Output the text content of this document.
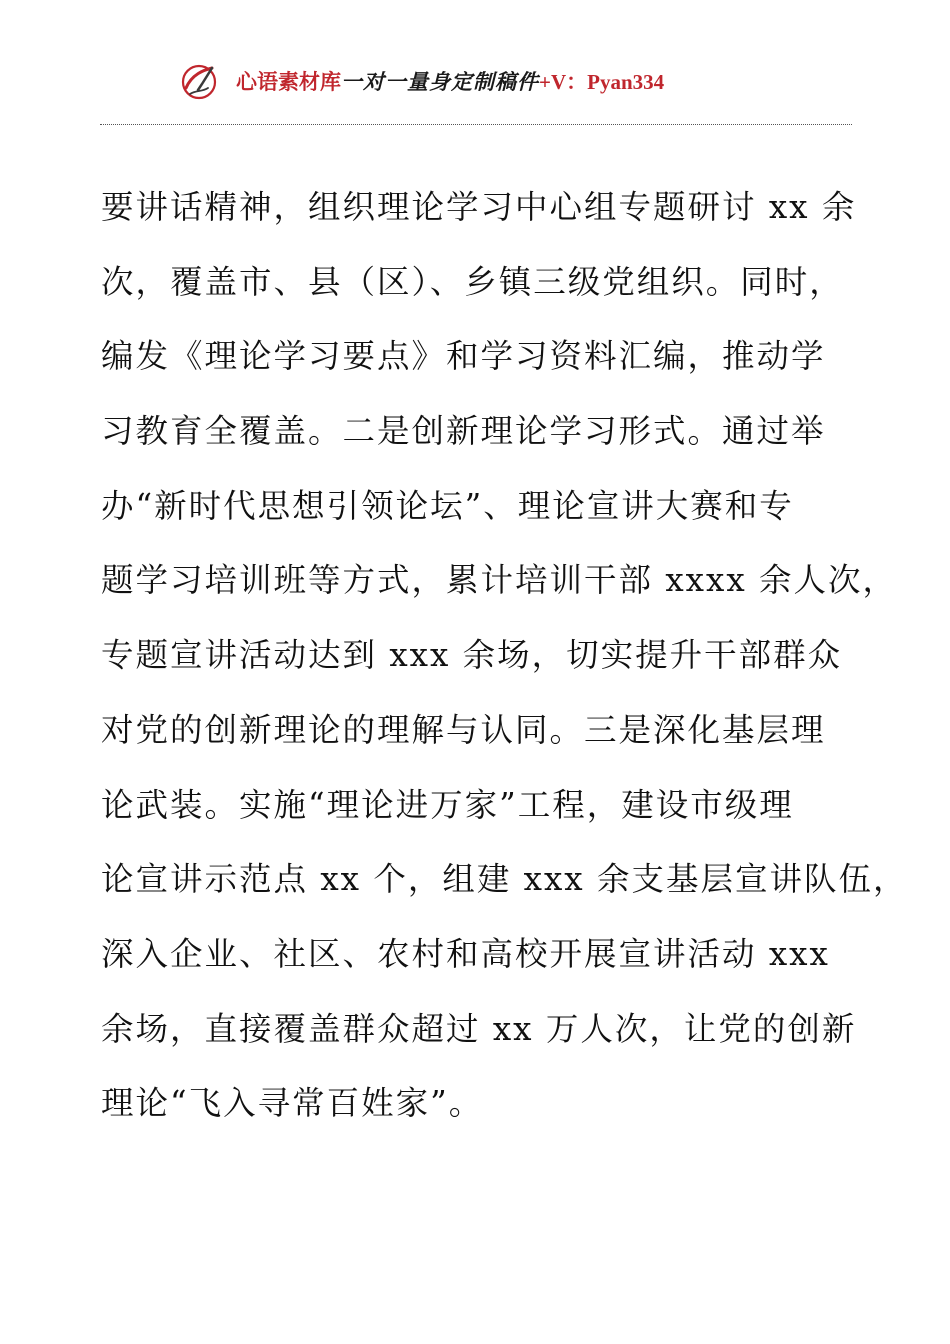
心语素材库一对一量身定制稿件+V：Pyan334
要讲话精神，组织理论学习中心组专题研讨 xx 余
次，覆盖市、县（区）、乡镇三级党组织。同时，
编发《理论学习要点》和学习资料汇编，推动学
习教育全覆盖。二是创新理论学习形式。通过举
办“新时代思想引领论坛”、理论宣讲大赛和专
题学习培训班等方式，累计培训干部 xxxx 余人次，
专题宣讲活动达到 xxx 余场，切实提升干部群众
对党的创新理论的理解与认同。三是深化基层理
论武装。实施“理论进万家”工程，建设市级理
论宣讲示范点 xx 个，组建 xxx 余支基层宣讲队伍，
深入企业、社区、农村和高校开展宣讲活动 xxx
余场，直接覆盖群众超过 xx 万人次，让党的创新
理论“飞入寻常百姓家”。
